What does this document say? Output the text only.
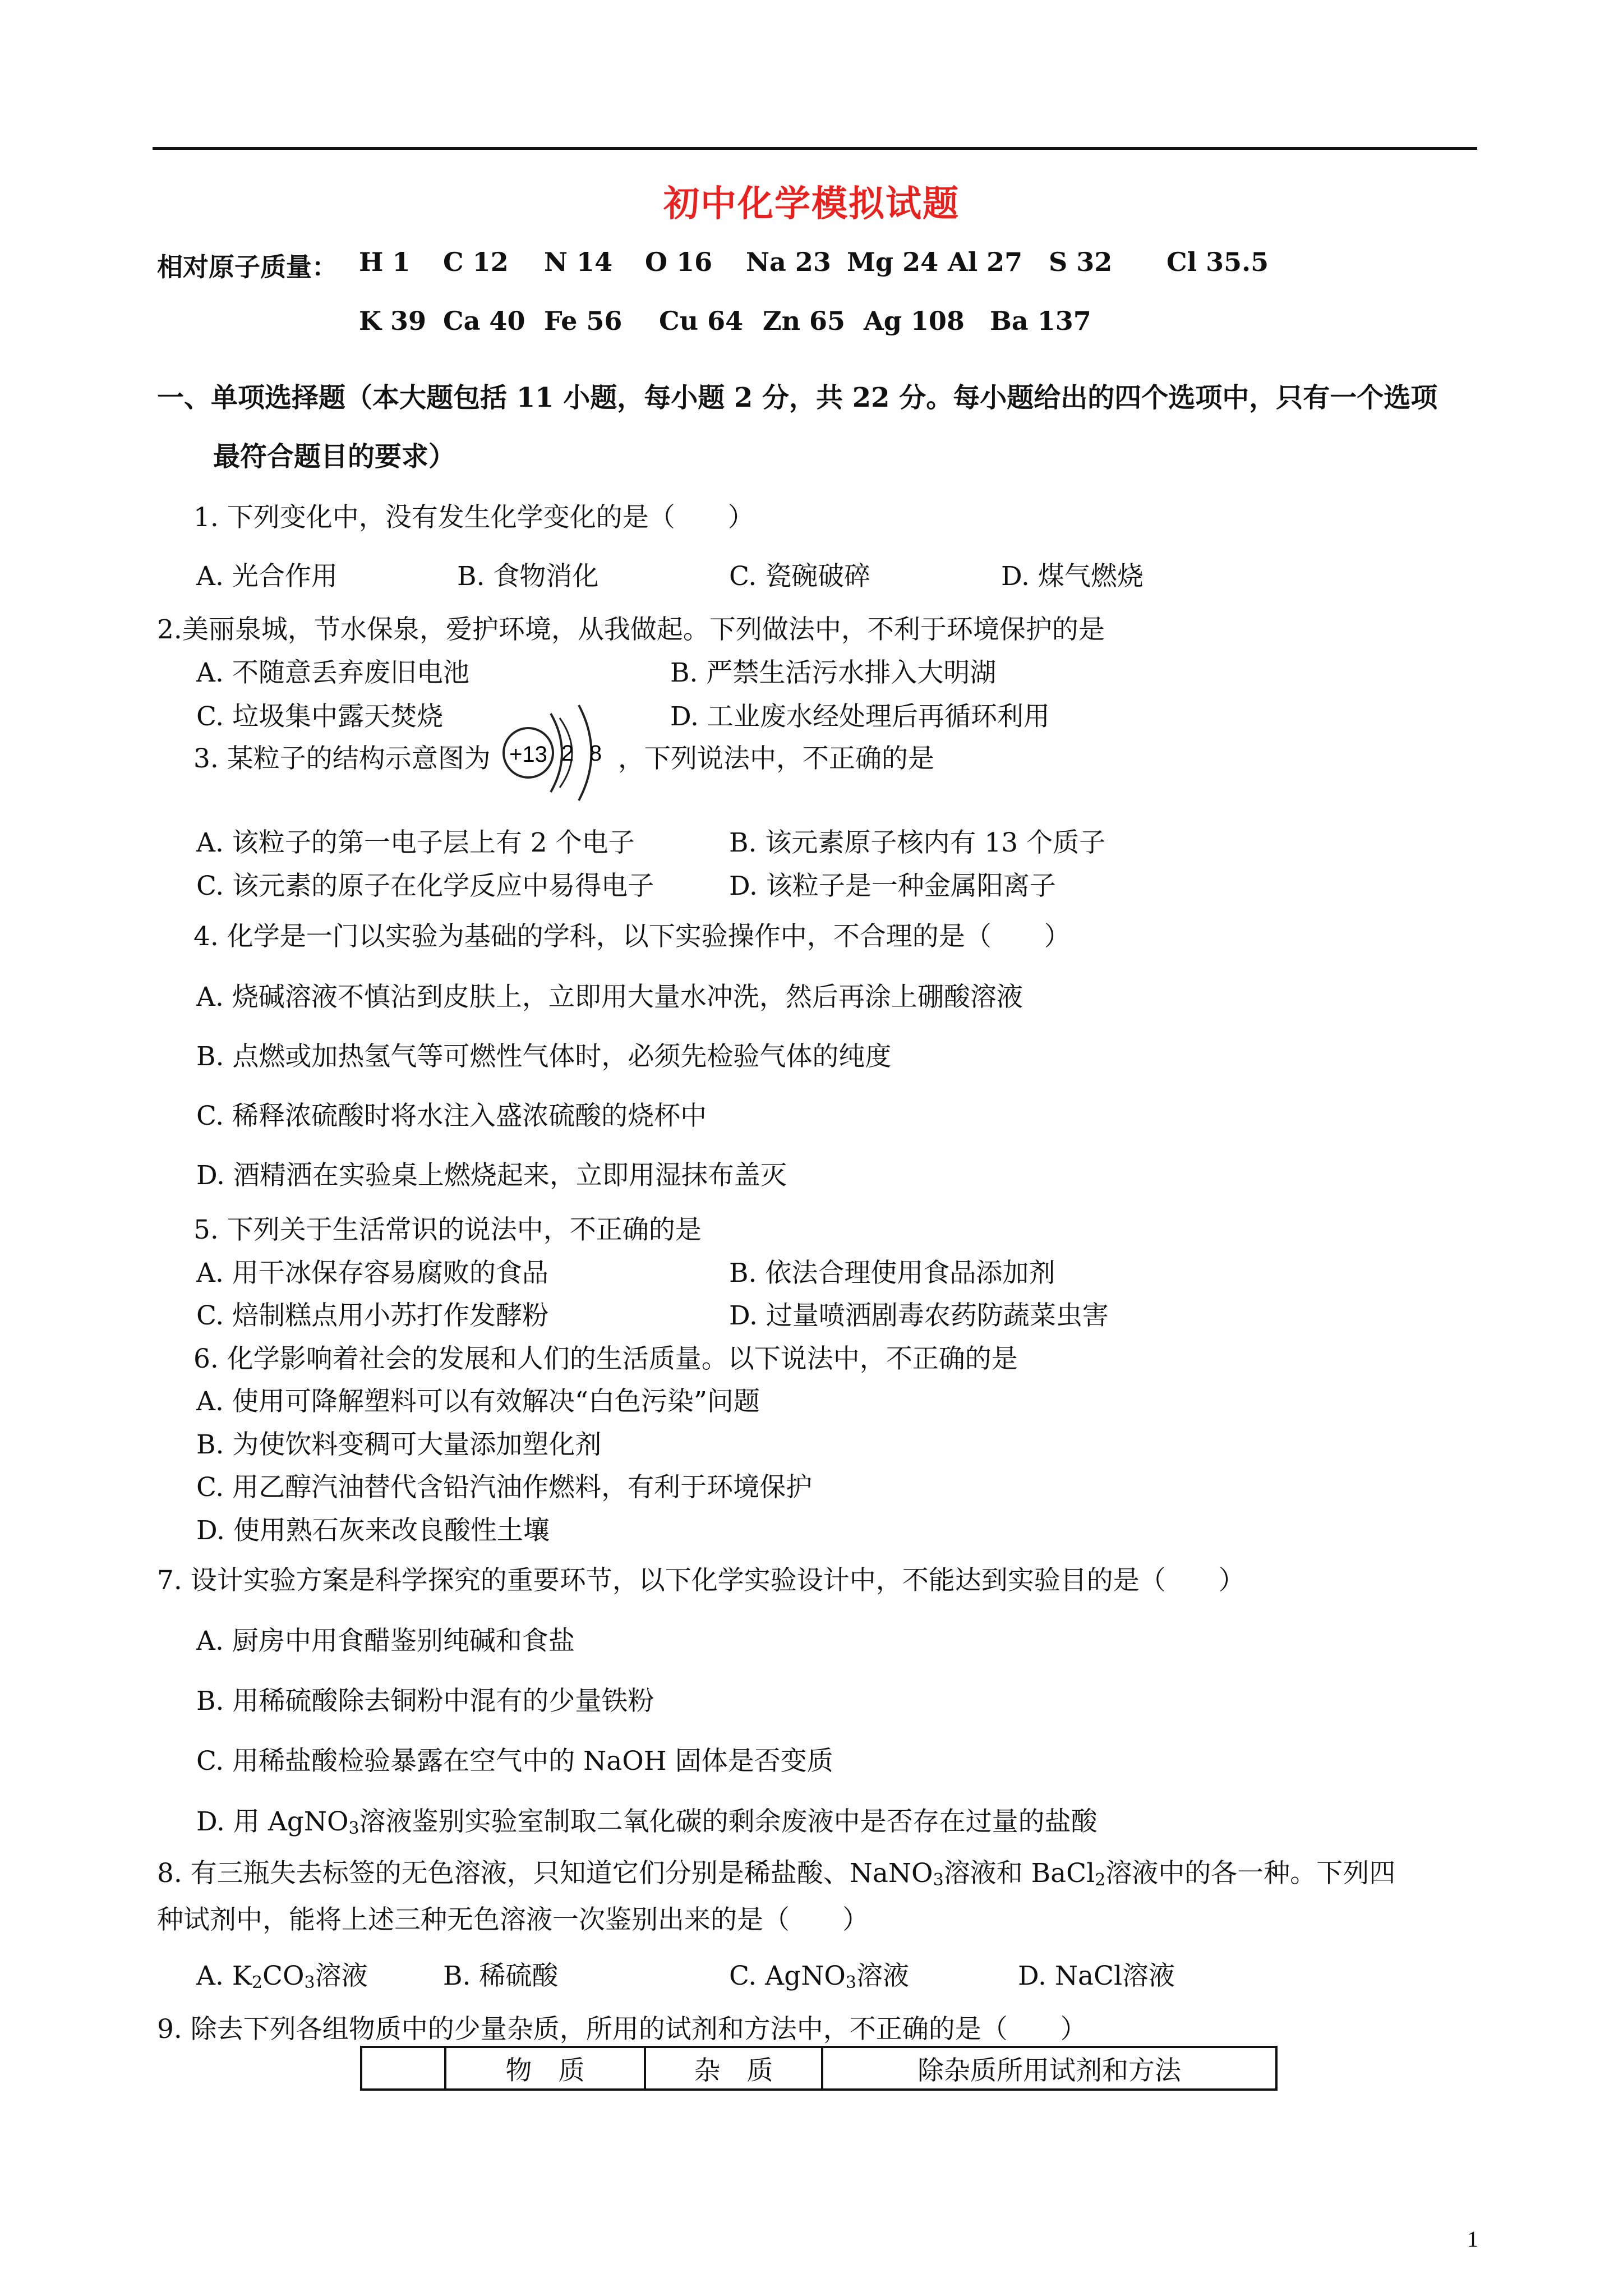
初中化学模拟试题
相对原子质量： H 1 C 12 N 14 O 16 Na 23 Mg 24 Al 27 S 32 Cl 35.5
K 39 Ca 40 Fe 56 Cu 64 Zn 65 Ag 108 Ba 137
一、单项选择题（本大题包括 11 小题，每小题 2 分，共 22 分。每小题给出的四个选项中，只有一个选项
最符合题目的要求）
1. 下列变化中，没有发生化学变化的是（　　）
A. 光合作用	B. 食物消化	C. 瓷碗破碎	D. 煤气燃烧
2.美丽泉城，节水保泉，爱护环境，从我做起。下列做法中，不利于环境保护的是
A. 不随意丢弃废旧电池	B. 严禁生活污水排入大明湖
C. 垃圾集中露天焚烧	D. 工业废水经处理后再循环利用
3. 某粒子的结构示意图为 +13 2 8 ，下列说法中，不正确的是
A. 该粒子的第一电子层上有 2 个电子	B. 该元素原子核内有 13 个质子
C. 该元素的原子在化学反应中易得电子	D. 该粒子是一种金属阳离子
4. 化学是一门以实验为基础的学科，以下实验操作中，不合理的是（　　）
A. 烧碱溶液不慎沾到皮肤上，立即用大量水冲洗，然后再涂上硼酸溶液
B. 点燃或加热氢气等可燃性气体时，必须先检验气体的纯度
C. 稀释浓硫酸时将水注入盛浓硫酸的烧杯中
D. 酒精洒在实验桌上燃烧起来，立即用湿抹布盖灭
5. 下列关于生活常识的说法中，不正确的是
A. 用干冰保存容易腐败的食品	B. 依法合理使用食品添加剂
C. 焙制糕点用小苏打作发酵粉	D. 过量喷洒剧毒农药防蔬菜虫害
6. 化学影响着社会的发展和人们的生活质量。以下说法中，不正确的是
A. 使用可降解塑料可以有效解决“白色污染”问题
B. 为使饮料变稠可大量添加塑化剂
C. 用乙醇汽油替代含铅汽油作燃料，有利于环境保护
D. 使用熟石灰来改良酸性土壤
7. 设计实验方案是科学探究的重要环节，以下化学实验设计中，不能达到实验目的是（　　）
A. 厨房中用食醋鉴别纯碱和食盐
B. 用稀硫酸除去铜粉中混有的少量铁粉
C. 用稀盐酸检验暴露在空气中的 NaOH 固体是否变质
D. 用 AgNO$_3$溶液鉴别实验室制取二氧化碳的剩余废液中是否存在过量的盐酸
8. 有三瓶失去标签的无色溶液，只知道它们分别是稀盐酸、NaNO$_3$溶液和 BaCl$_2$溶液中的各一种。下列四
种试剂中，能将上述三种无色溶液一次鉴别出来的是（　　）
A. $K_2CO_3$溶液	B. 稀硫酸	C. AgNO$_3$溶液	D. NaCl溶液
9. 除去下列各组物质中的少量杂质，所用的试剂和方法中，不正确的是（　　）
	物　质	杂　质	除杂质所用试剂和方法
1
